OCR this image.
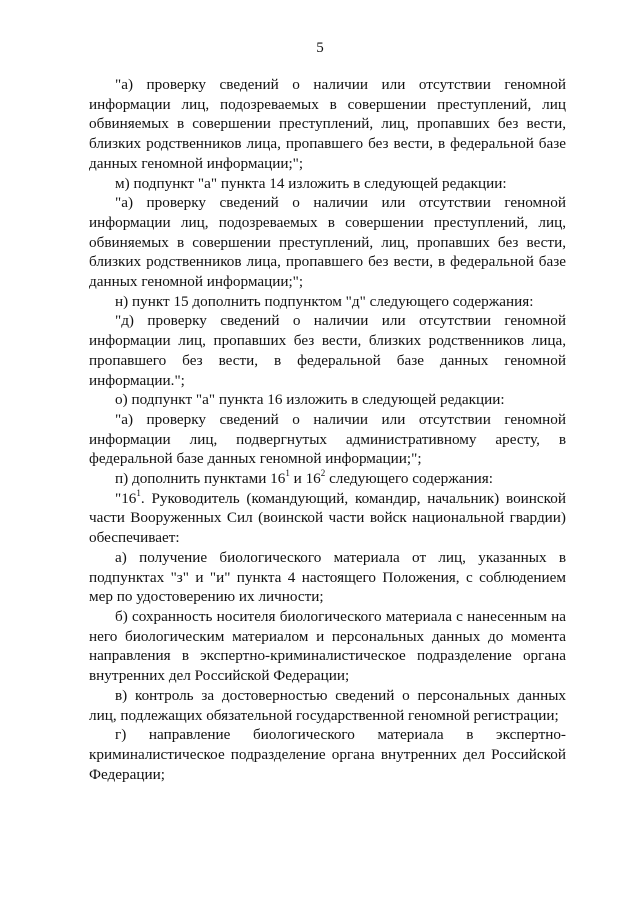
5

"а) проверку сведений о наличии или отсутствии геномной информации лиц, подозреваемых в совершении преступлений, лиц обвиняемых в совершении преступлений, лиц, пропавших без вести, близких родственников лица, пропавшего без вести, в федеральной базе данных геномной информации;";

м) подпункт "а" пункта 14 изложить в следующей редакции:

"а) проверку сведений о наличии или отсутствии геномной информации лиц, подозреваемых в совершении преступлений, лиц, обвиняемых в совершении преступлений, лиц, пропавших без вести, близких родственников лица, пропавшего без вести, в федеральной базе данных геномной информации;";

н) пункт 15 дополнить подпунктом "д" следующего содержания:

"д) проверку сведений о наличии или отсутствии геномной информации лиц, пропавших без вести, близких родственников лица, пропавшего без вести, в федеральной базе данных геномной информации.";

о) подпункт "а" пункта 16 изложить в следующей редакции:

"а) проверку сведений о наличии или отсутствии геномной информации лиц, подвергнутых административному аресту, в федеральной базе данных геномной информации;";

п) дополнить пунктами $16^1$ и $16^2$ следующего содержания:

"$16^1$. Руководитель (командующий, командир, начальник) воинской части Вооруженных Сил (воинской части войск национальной гвардии) обеспечивает:

а) получение биологического материала от лиц, указанных в подпунктах "з" и "и" пункта 4 настоящего Положения, с соблюдением мер по удостоверению их личности;

б) сохранность носителя биологического материала с нанесенным на него биологическим материалом и персональных данных до момента направления в экспертно-криминалистическое подразделение органа внутренних дел Российской Федерации;

в) контроль за достоверностью сведений о персональных данных лиц, подлежащих обязательной государственной геномной регистрации;

г) направление биологического материала в экспертно-криминалистическое подразделение органа внутренних дел Российской Федерации;
